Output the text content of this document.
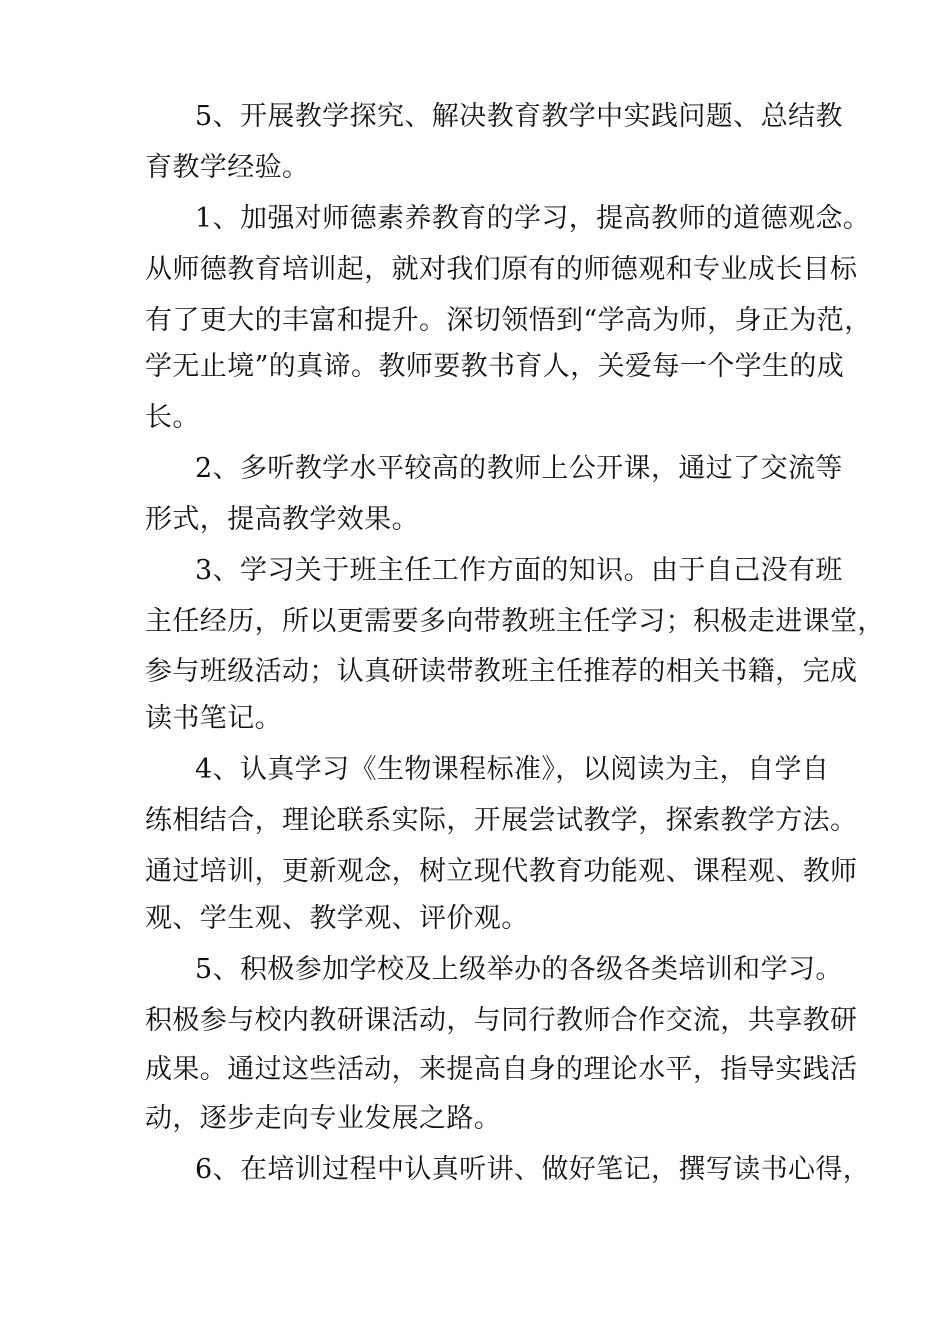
5、开展教学探究、解决教育教学中实践问题、总结教
育教学经验。
1、加强对师德素养教育的学习，提高教师的道德观念。
从师德教育培训起，就对我们原有的师德观和专业成长目标
有了更大的丰富和提升。深切领悟到“学高为师，身正为范，
学无止境”的真谛。教师要教书育人，关爱每一个学生的成
长。
2、多听教学水平较高的教师上公开课，通过了交流等
形式，提高教学效果。
3、学习关于班主任工作方面的知识。由于自己没有班
主任经历，所以更需要多向带教班主任学习；积极走进课堂，
参与班级活动；认真研读带教班主任推荐的相关书籍，完成
读书笔记。
4、认真学习《生物课程标准》，以阅读为主，自学自
练相结合，理论联系实际，开展尝试教学，探索教学方法。
通过培训，更新观念，树立现代教育功能观、课程观、教师
观、学生观、教学观、评价观。
5、积极参加学校及上级举办的各级各类培训和学习。
积极参与校内教研课活动，与同行教师合作交流，共享教研
成果。通过这些活动，来提高自身的理论水平，指导实践活
动，逐步走向专业发展之路。
6、在培训过程中认真听讲、做好笔记，撰写读书心得，
